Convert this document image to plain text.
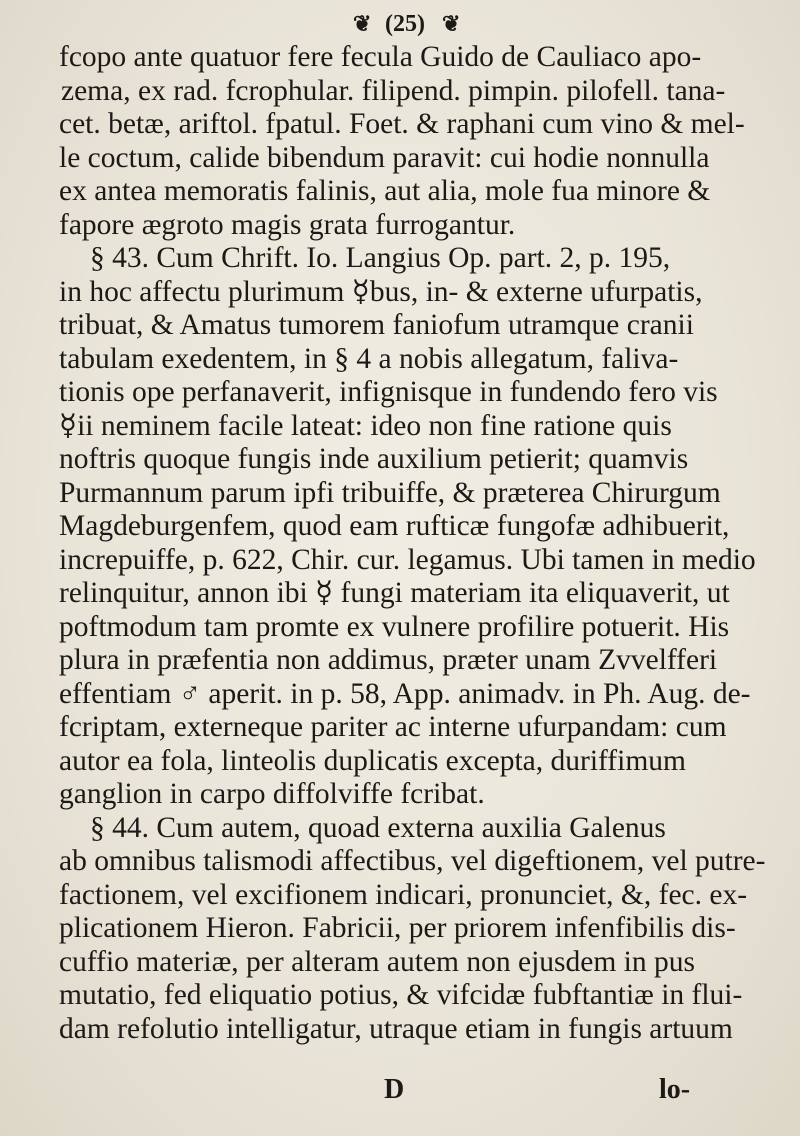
❦ (25) ❦
fcopo ante quatuor fere fecula Guido de Cauliaco apo-
zema, ex rad. fcrophular. filipend. pimpin. pilofell. tana-
cet. betæ, ariftol. fpatul. Foet. & raphani cum vino & mel-
le coctum, calide bibendum paravit: cui hodie nonnulla
ex antea memoratis falinis, aut alia, mole fua minore &
fapore ægroto magis grata furrogantur.
§ 43. Cum Chrift. Io. Langius Op. part. 2, p. 195,
in hoc affectu plurimum ☿bus, in- & externe ufurpatis,
tribuat, & Amatus tumorem faniofum utramque cranii
tabulam exedentem, in § 4 a nobis allegatum, faliva-
tionis ope perfanaverit, infignisque in fundendo fero vis
☿ii neminem facile lateat: ideo non fine ratione quis
noftris quoque fungis inde auxilium petierit; quamvis
Purmannum parum ipfi tribuiffe, & præterea Chirurgum
Magdeburgenfem, quod eam rufticæ fungofæ adhibuerit,
increpuiffe, p. 622, Chir. cur. legamus. Ubi tamen in medio
relinquitur, annon ibi ☿ fungi materiam ita eliquaverit, ut
poftmodum tam promte ex vulnere profilire potuerit. His
plura in præfentia non addimus, præter unam Zvvelfferi
effentiam ♂ aperit. in p. 58, App. animadv. in Ph. Aug. de-
fcriptam, externeque pariter ac interne ufurpandam: cum
autor ea fola, linteolis duplicatis excepta, duriffimum
ganglion in carpo diffolviffe fcribat.
§ 44. Cum autem, quoad externa auxilia Galenus
ab omnibus talismodi affectibus, vel digeftionem, vel putre-
factionem, vel excifionem indicari, pronunciet, &, fec. ex-
plicationem Hieron. Fabricii, per priorem infenfibilis dis-
cuffio materiæ, per alteram autem non ejusdem in pus
mutatio, fed eliquatio potius, & vifcidæ fubftantiæ in flui-
dam refolutio intelligatur, utraque etiam in fungis artuum
D	lo-
